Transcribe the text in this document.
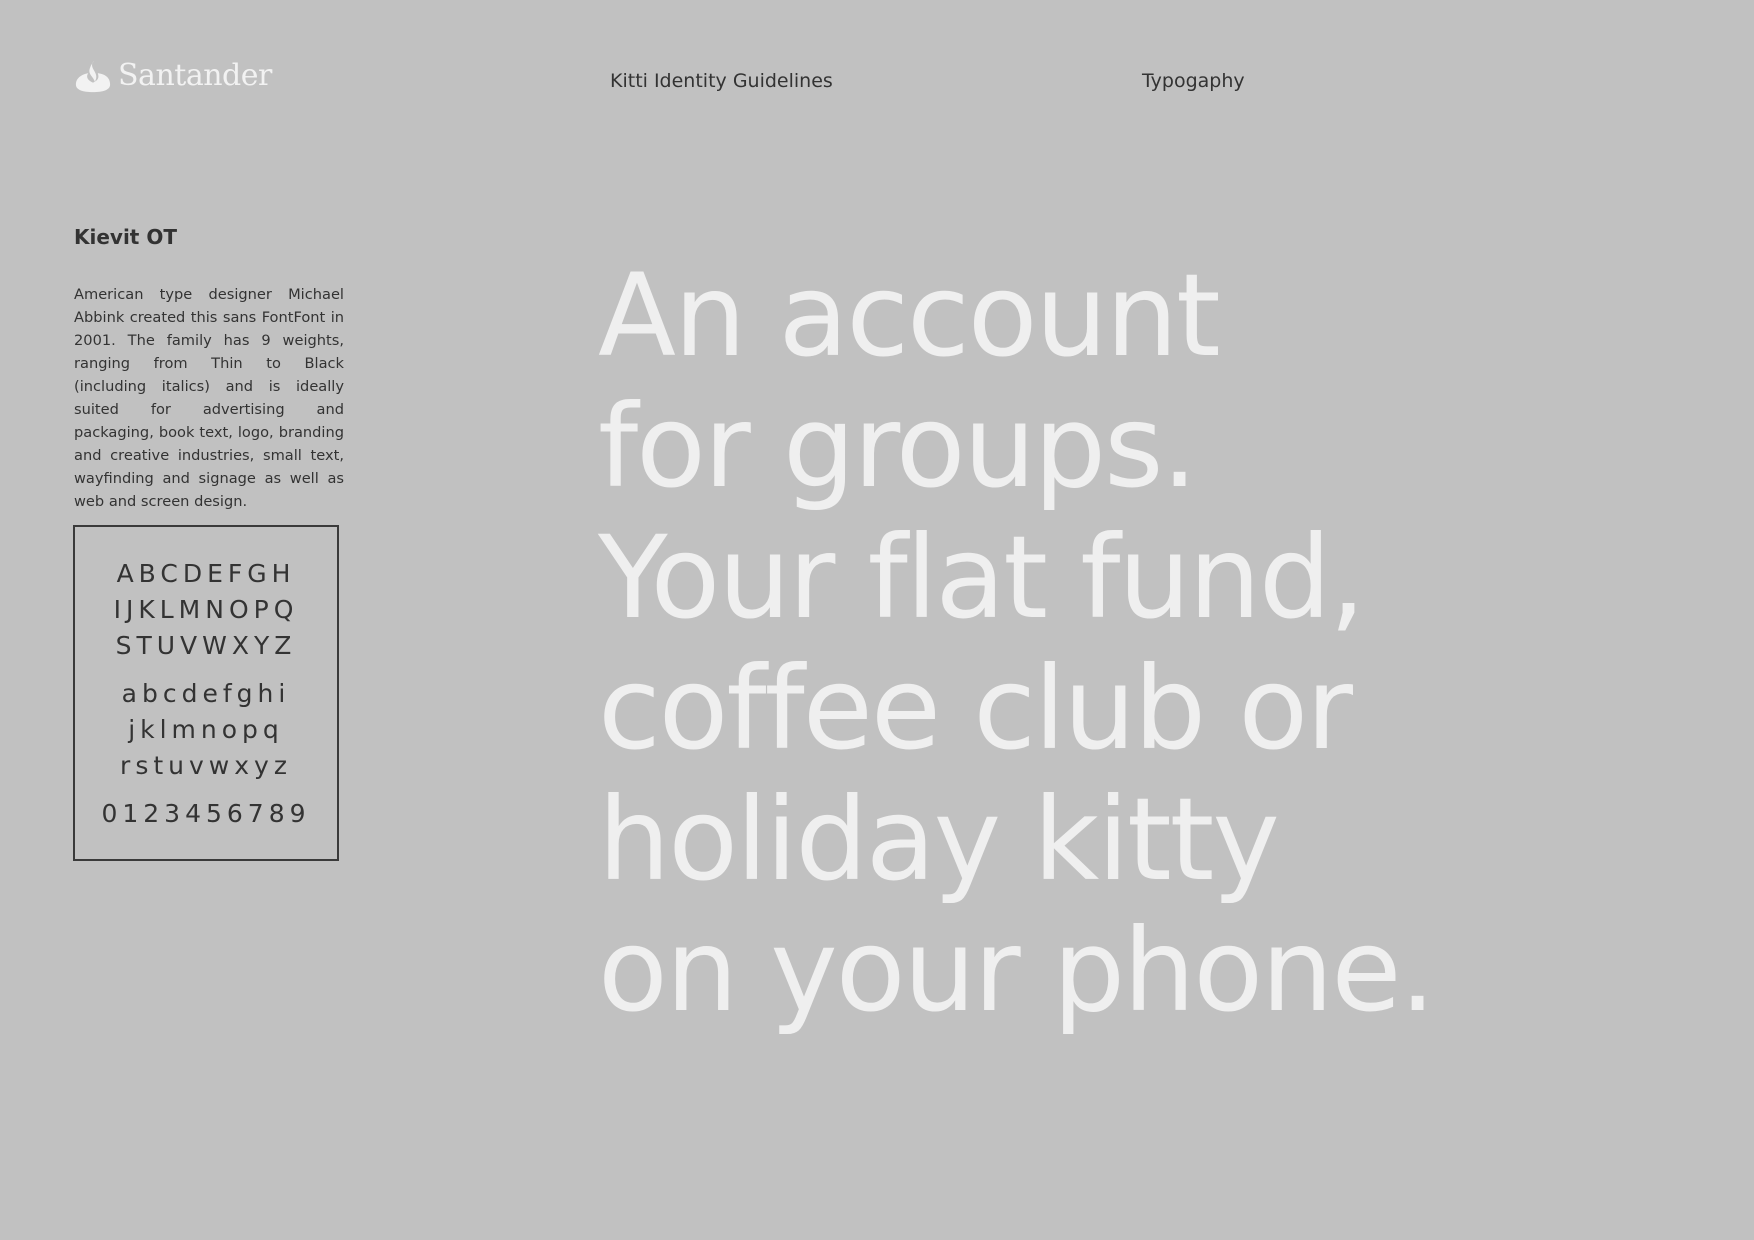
Santander	Kitti Identity Guidelines	Typogaphy
Kievit OT
American type designer Michael Abbink created this sans FontFont in 2001. The family has 9 weights, ranging from Thin to Black (including italics) and is ideally suited for advertising and packaging, book text, logo, branding and creative industries, small text, wayfinding and signage as well as web and screen design.
ABCDEFGH
IJKLMNOPQ
STUVWXYZ
abcdefghi
jklmnopq
rstuvwxyz
0123456789
An account
for groups.
Your flat fund,
coffee club or
holiday kitty
on your phone.
